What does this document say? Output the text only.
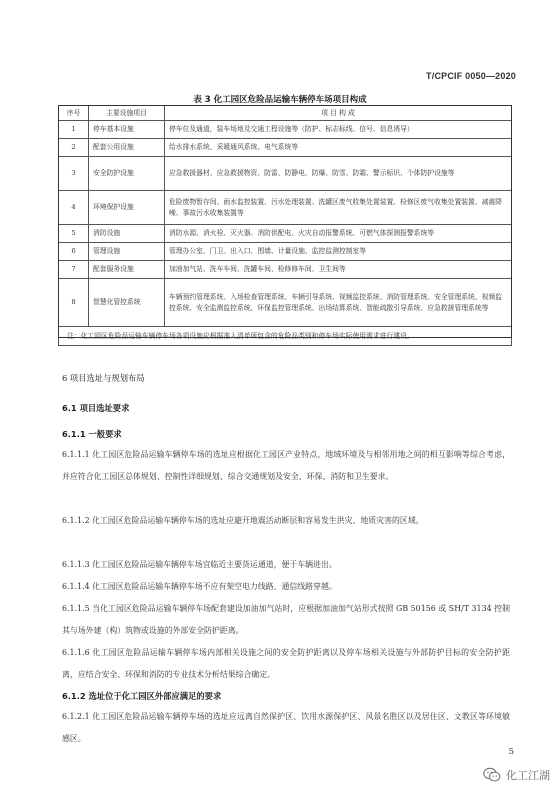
T/CPCIF 0050—2020
表 3 化工园区危险品运输车辆停车场项目构成
序号	主要设施项目	项 目 构 成
1	停车基本设施	停车位及通道，装车场地及交通工程设施等（防护、标志标线、信号、信息诱导）
2	配套公用设施	给水排水系统、采暖通风系统、电气系统等
3	安全防护设施	应急救援器材、应急救援物资、防雷、防静电、防爆、防雪、防霜、警示标识、个体防护设施等
4	环境保护设施	危险废物暂存间、雨水监控装置、污水处理装置、洗罐区废气收集处置装置、检修区废气收集处置装置、减震降噪、事故污水收集装置等
5	消防设施	消防水源、消火栓、灭火器、消防供配电、火灾自动报警系统、可燃气体探测报警系统等
6	管理设施	管理办公室、门卫、出入口、围墙、计量设施、监控监测控制室等
7	配套服务设施	加油加气站、洗车车间、洗罐车间、检修修车间、卫生间等
8	智慧化管控系统	车辆预约管理系统、入场检查管理系统、车辆引导系统、视频监控系统、消防管理系统、安全管理系统、视频监控系统、安全监测监控系统、环保监控管理系统、出场结算系统、智能疏散引导系统、应急救援管理系统等
注：化工园区危险品运输车辆停车场各项设施应根据准入清单所包含的危险品类别和停车场实际使用需求进行建设。		
6 项目选址与规划布局
6.1 项目选址要求
6.1.1 一般要求
6.1.1.1 化工园区危险品运输车辆停车场的选址应根据化工园区产业特点、地域环境及与相邻用地之间的相互影响等综合考虑，并应符合化工园区总体规划、控制性详细规划、综合交通规划及安全、环保、消防和卫生要求。
6.1.1.2 化工园区危险品运输车辆停车场的选址应避开地震活动断层和容易发生洪灾、地质灾害的区域。
6.1.1.3 化工园区危险品运输车辆停车场宜临近主要货运通道，便于车辆进出。
6.1.1.4 化工园区危险品运输车辆停车场不应有架空电力线路、通信线路穿越。
6.1.1.5 当化工园区危险品运输车辆停车场配套建设加油加气站时，应根据加油加气站形式按照 GB 50156 或 SH/T 3134 控制其与场外建（构）筑物或设施的外部安全防护距离。
6.1.1.6 化工园区危险品运输车辆停车场内部相关设施之间的安全防护距离以及停车场相关设施与外部防护目标的安全防护距离，应结合安全、环保和消防的专业技术分析结果综合确定。
6.1.2 选址位于化工园区外部应满足的要求
6.1.2.1 化工园区危险品运输车辆停车场的选址应远离自然保护区、饮用水源保护区、风景名胜区以及居住区、文教区等环境敏感区。
5
化工江湖
